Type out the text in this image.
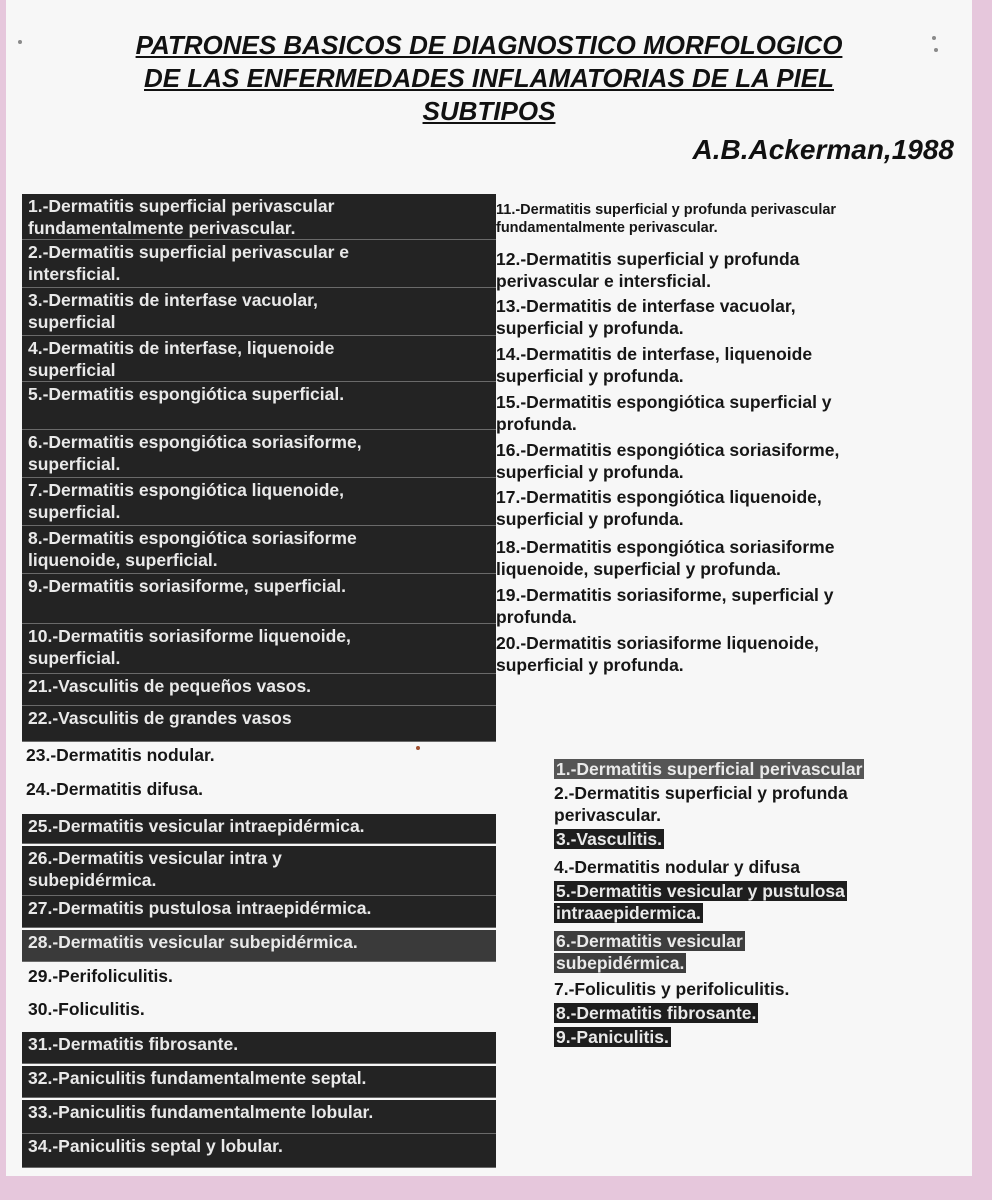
PATRONES BASICOS DE DIAGNOSTICO MORFOLOGICO
DE LAS ENFERMEDADES INFLAMATORIAS DE LA PIEL
SUBTIPOS
A.B.Ackerman,1988
1.-Dermatitis superficial perivascular
fundamentalmente perivascular.
2.-Dermatitis superficial perivascular e
intersficial.
3.-Dermatitis de interfase vacuolar,
superficial
4.-Dermatitis de interfase, liquenoide
superficial
5.-Dermatitis espongiótica superficial.
6.-Dermatitis espongiótica soriasiforme,
superficial.
7.-Dermatitis espongiótica liquenoide,
superficial.
8.-Dermatitis espongiótica soriasiforme
liquenoide, superficial.
9.-Dermatitis soriasiforme, superficial.
10.-Dermatitis soriasiforme liquenoide,
superficial.
21.-Vasculitis de pequeños vasos.
22.-Vasculitis de grandes vasos
23.-Dermatitis nodular.
24.-Dermatitis difusa.
25.-Dermatitis vesicular intraepidérmica.
26.-Dermatitis vesicular intra y
subepidérmica.
27.-Dermatitis pustulosa intraepidérmica.
28.-Dermatitis vesicular subepidérmica.
29.-Perifoliculitis.
30.-Foliculitis.
31.-Dermatitis fibrosante.
32.-Paniculitis fundamentalmente septal.
33.-Paniculitis fundamentalmente lobular.
34.-Paniculitis septal y lobular.
11.-Dermatitis superficial y profunda perivascular
fundamentalmente perivascular.
12.-Dermatitis superficial y profunda
perivascular e intersficial.
13.-Dermatitis de interfase vacuolar,
superficial y profunda.
14.-Dermatitis de interfase, liquenoide
superficial y profunda.
15.-Dermatitis espongiótica superficial y
profunda.
16.-Dermatitis espongiótica soriasiforme,
superficial y profunda.
17.-Dermatitis espongiótica liquenoide,
superficial y profunda.
18.-Dermatitis espongiótica soriasiforme
liquenoide, superficial y profunda.
19.-Dermatitis soriasiforme, superficial y
profunda.
20.-Dermatitis soriasiforme liquenoide,
superficial y profunda.
1.-Dermatitis superficial perivascular
2.-Dermatitis superficial y profunda
perivascular.
3.-Vasculitis.
4.-Dermatitis nodular y difusa
5.-Dermatitis vesicular y pustulosa
intraaepidermica.
6.-Dermatitis vesicular
subepidérmica.
7.-Foliculitis y perifoliculitis.
8.-Dermatitis fibrosante.
9.-Paniculitis.
